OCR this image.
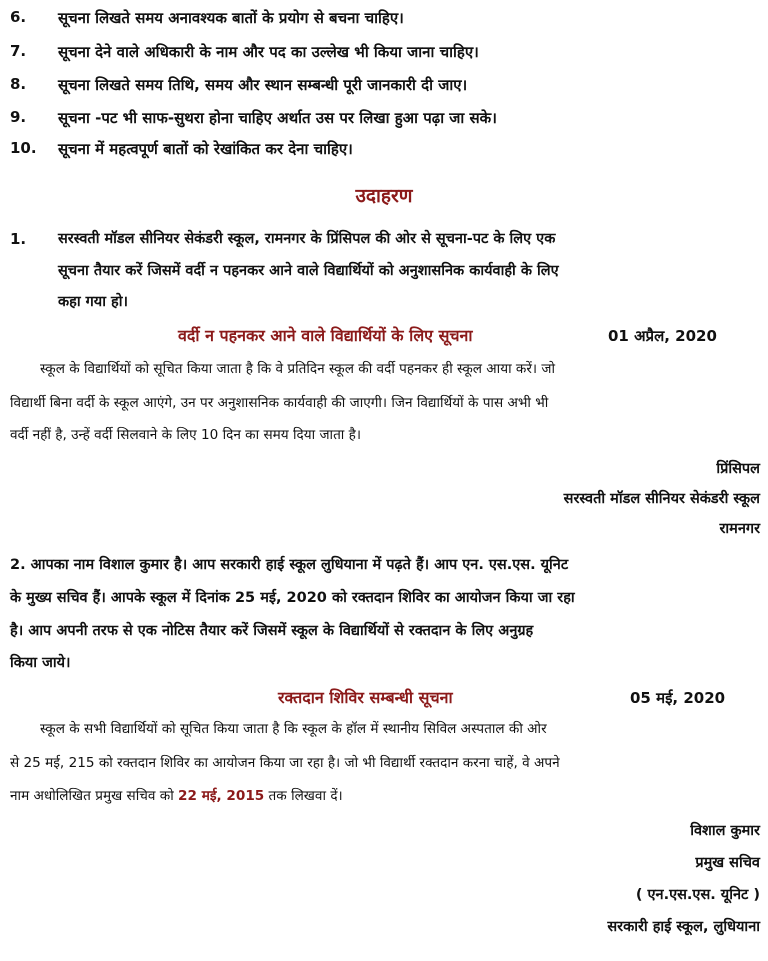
6. सूचना लिखते समय अनावश्यक बातों के प्रयोग से बचना चाहिए।
7. सूचना देने वाले अधिकारी के नाम और पद का उल्लेख भी किया जाना चाहिए।
8. सूचना लिखते समय तिथि, समय और स्थान सम्बन्धी पूरी जानकारी दी जाए।
9. सूचना -पट भी साफ-सुथरा होना चाहिए अर्थात उस पर लिखा हुआ पढ़ा जा सके।
10. सूचना में महत्वपूर्ण बातों को रेखांकित कर देना चाहिए।
उदाहरण
1. सरस्वती मॉडल सीनियर सेकंडरी स्कूल, रामनगर के प्रिंसिपल की ओर से सूचना-पट के लिए एक
सूचना तैयार करें जिसमें वर्दी न पहनकर आने वाले विद्यार्थियों को अनुशासनिक कार्यवाही के लिए
कहा गया हो।
वर्दी न पहनकर आने वाले विद्यार्थियों के लिए सूचना	01 अप्रैल, 2020
स्कूल के विद्यार्थियों को सूचित किया जाता है कि वे प्रतिदिन स्कूल की वर्दी पहनकर ही स्कूल आया करें। जो
विद्यार्थी बिना वर्दी के स्कूल आएंगे, उन पर अनुशासनिक कार्यवाही की जाएगी। जिन विद्यार्थियों के पास अभी भी
वर्दी नहीं है, उन्हें वर्दी सिलवाने के लिए 10 दिन का समय दिया जाता है।
प्रिंसिपल
सरस्वती मॉडल सीनियर सेकंडरी स्कूल
रामनगर
2. आपका नाम विशाल कुमार है। आप सरकारी हाई स्कूल लुधियाना में पढ़ते हैं। आप एन. एस.एस. यूनिट
के मुख्य सचिव हैं। आपके स्कूल में दिनांक 25 मई, 2020 को रक्तदान शिविर का आयोजन किया जा रहा
है। आप अपनी तरफ से एक नोटिस तैयार करें जिसमें स्कूल के विद्यार्थियों से रक्तदान के लिए अनुग्रह
किया जाये।
रक्तदान शिविर सम्बन्धी सूचना	05 मई, 2020
स्कूल के सभी विद्यार्थियों को सूचित किया जाता है कि स्कूल के हॉल में स्थानीय सिविल अस्पताल की ओर
से 25 मई, 215 को रक्तदान शिविर का आयोजन किया जा रहा है। जो भी विद्यार्थी रक्तदान करना चाहें, वे अपने
नाम अधोलिखित प्रमुख सचिव को 22 मई, 2015 तक लिखवा दें।
विशाल कुमार
प्रमुख सचिव
( एन.एस.एस. यूनिट )
सरकारी हाई स्कूल, लुधियाना
